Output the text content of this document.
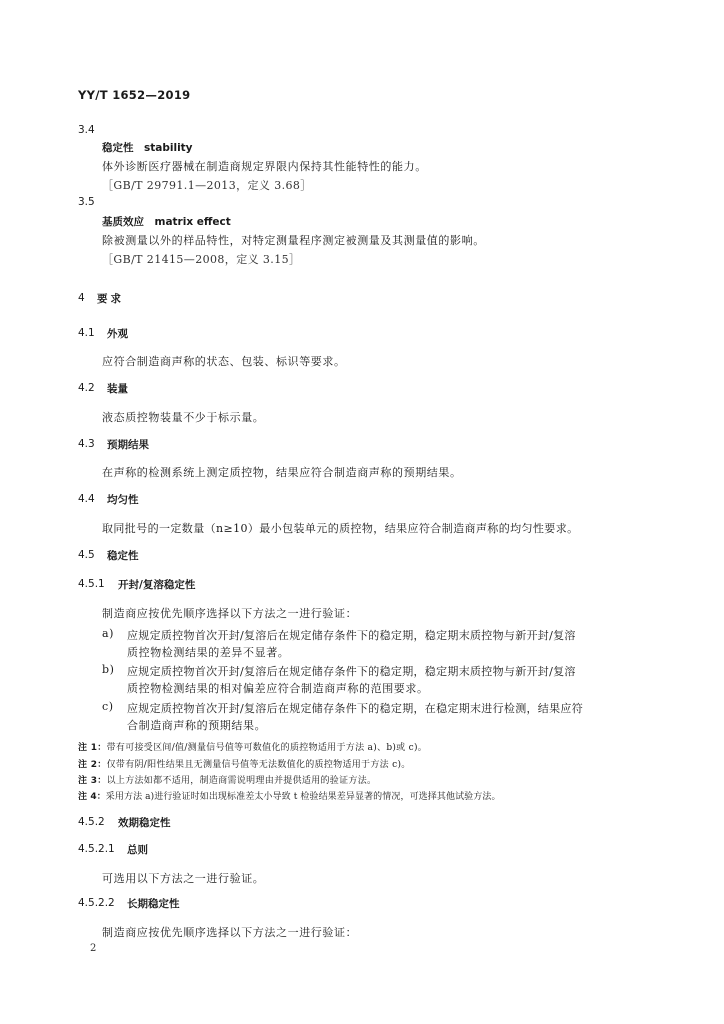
YY/T 1652—2019
3.4
稳定性　stability
体外诊断医疗器械在制造商规定界限内保持其性能特性的能力。
［GB/T 29791.1—2013，定义 3.68］
3.5
基质效应　matrix effect
除被测量以外的样品特性，对特定测量程序测定被测量及其测量值的影响。
［GB/T 21415—2008，定义 3.15］
4 要求
4.1 外观
应符合制造商声称的状态、包装、标识等要求。
4.2 装量
液态质控物装量不少于标示量。
4.3 预期结果
在声称的检测系统上测定质控物，结果应符合制造商声称的预期结果。
4.4 均匀性
取同批号的一定数量（n≥10）最小包装单元的质控物，结果应符合制造商声称的均匀性要求。
4.5 稳定性
4.5.1 开封/复溶稳定性
制造商应按优先顺序选择以下方法之一进行验证：
a) 应规定质控物首次开封/复溶后在规定储存条件下的稳定期，稳定期末质控物与新开封/复溶
质控物检测结果的差异不显著。
b) 应规定质控物首次开封/复溶后在规定储存条件下的稳定期，稳定期末质控物与新开封/复溶
质控物检测结果的相对偏差应符合制造商声称的范围要求。
c) 应规定质控物首次开封/复溶后在规定储存条件下的稳定期，在稳定期末进行检测，结果应符
合制造商声称的预期结果。
注 1：带有可接受区间/值/测量信号值等可数值化的质控物适用于方法 a)、b)或 c)。
注 2：仅带有阴/阳性结果且无测量信号值等无法数值化的质控物适用于方法 c)。
注 3：以上方法如都不适用，制造商需说明理由并提供适用的验证方法。
注 4：采用方法 a)进行验证时如出现标准差太小导致 t 检验结果差异显著的情况，可选择其他试验方法。
4.5.2 效期稳定性
4.5.2.1 总则
可选用以下方法之一进行验证。
4.5.2.2 长期稳定性
制造商应按优先顺序选择以下方法之一进行验证：
2
